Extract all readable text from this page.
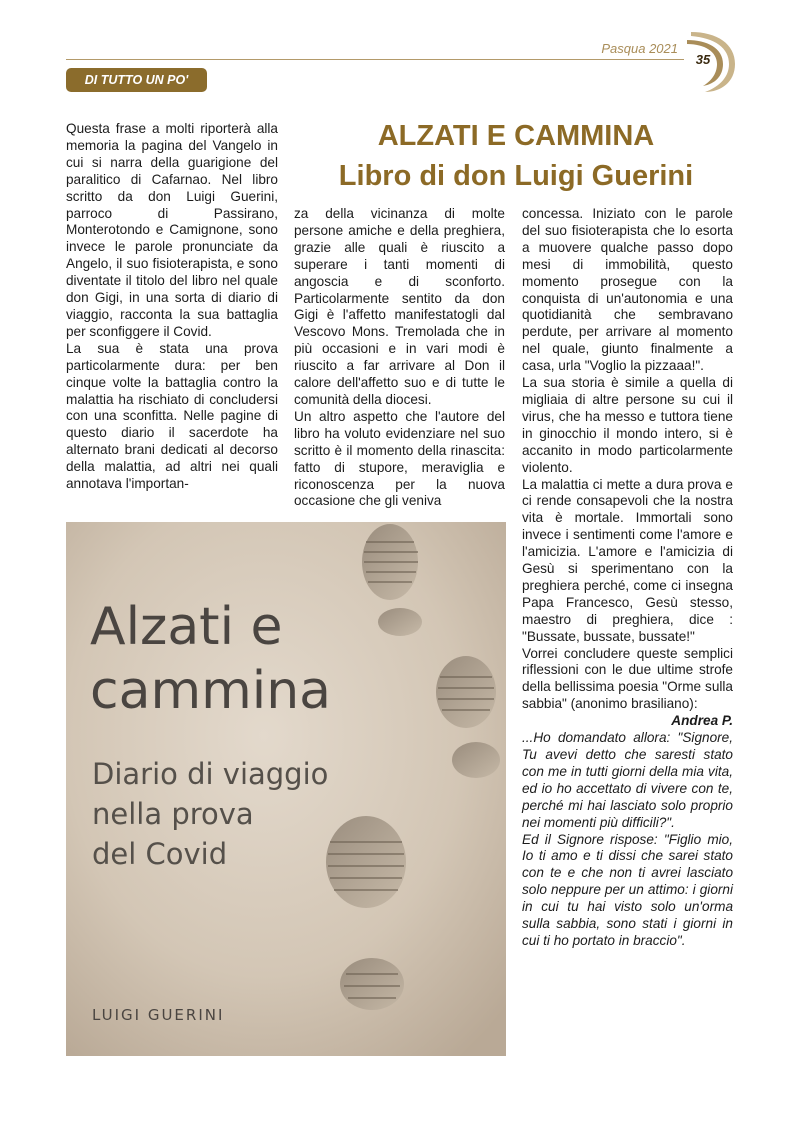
Pasqua 2021
35
DI TUTTO UN PO'
ALZATI E CAMMINA
Libro di don Luigi Guerini

Questa frase a molti riporterà alla memoria la pagina del Vangelo in cui si narra della guarigione del paralitico di Cafarnao. Nel libro scritto da don Luigi Guerini, parroco di Passirano, Monterotondo e Camignone, sono invece le parole pronunciate da Angelo, il suo fisioterapista, e sono diventate il titolo del libro nel quale don Gigi, in una sorta di diario di viaggio, racconta la sua battaglia per sconfiggere il Covid.

La sua è stata una prova particolarmente dura: per ben cinque volte la battaglia contro la malattia ha rischiato di concludersi con una sconfitta. Nelle pagine di questo diario il sacerdote ha alternato brani dedicati al decorso della malattia, ad altri nei quali annotava l'importan-

za della vicinanza di molte persone amiche e della preghiera, grazie alle quali è riuscito a superare i tanti momenti di angoscia e di sconforto. Particolarmente sentito da don Gigi è l'affetto manifestatogli dal Vescovo Mons. Tremolada che in più occasioni e in vari modi è riuscito a far arrivare al Don il calore dell'affetto suo e di tutte le comunità della diocesi.

Un altro aspetto che l'autore del libro ha voluto evidenziare nel suo scritto è il momento della rinascita: fatto di stupore, meraviglia e riconoscenza per la nuova occasione che gli veniva

concessa. Iniziato con le parole del suo fisioterapista che lo esorta a muovere qualche passo dopo mesi di immobilità, questo momento prosegue con la conquista di un'autonomia e una quotidianità che sembravano perdute, per arrivare al momento nel quale, giunto finalmente a casa, urla "Voglio la pizzaaa!".

La sua storia è simile a quella di migliaia di altre persone su cui il virus, che ha messo e tuttora tiene in ginocchio il mondo intero, si è accanito in modo particolarmente violento.

La malattia ci mette a dura prova e ci rende consapevoli che la nostra vita è mortale. Immortali sono invece i sentimenti come l'amore e l'amicizia. L'amore e l'amicizia di Gesù si sperimentano con la preghiera perché, come ci insegna Papa Francesco, Gesù stesso, maestro di preghiera, dice : "Bussate, bussate, bussate!"

Vorrei concludere queste semplici riflessioni con le due ultime strofe della bellissima poesia "Orme sulla sabbia" (anonimo brasiliano):

Andrea P.

...Ho domandato allora: "Signore, Tu avevi detto che saresti stato con me in tutti giorni della mia vita, ed io ho accettato di vivere con te, perché mi hai lasciato solo proprio nei momenti più difficili?".

Ed il Signore rispose: "Figlio mio, Io ti amo e ti dissi che sarei stato con te e che non ti avrei lasciato solo neppure per un attimo: i giorni in cui tu hai visto solo un'orma sulla sabbia, sono stati i giorni in cui ti ho portato in braccio".

Alzati e
cammina
Diario di viaggio
nella prova
del Covid
LUIGI GUERINI
